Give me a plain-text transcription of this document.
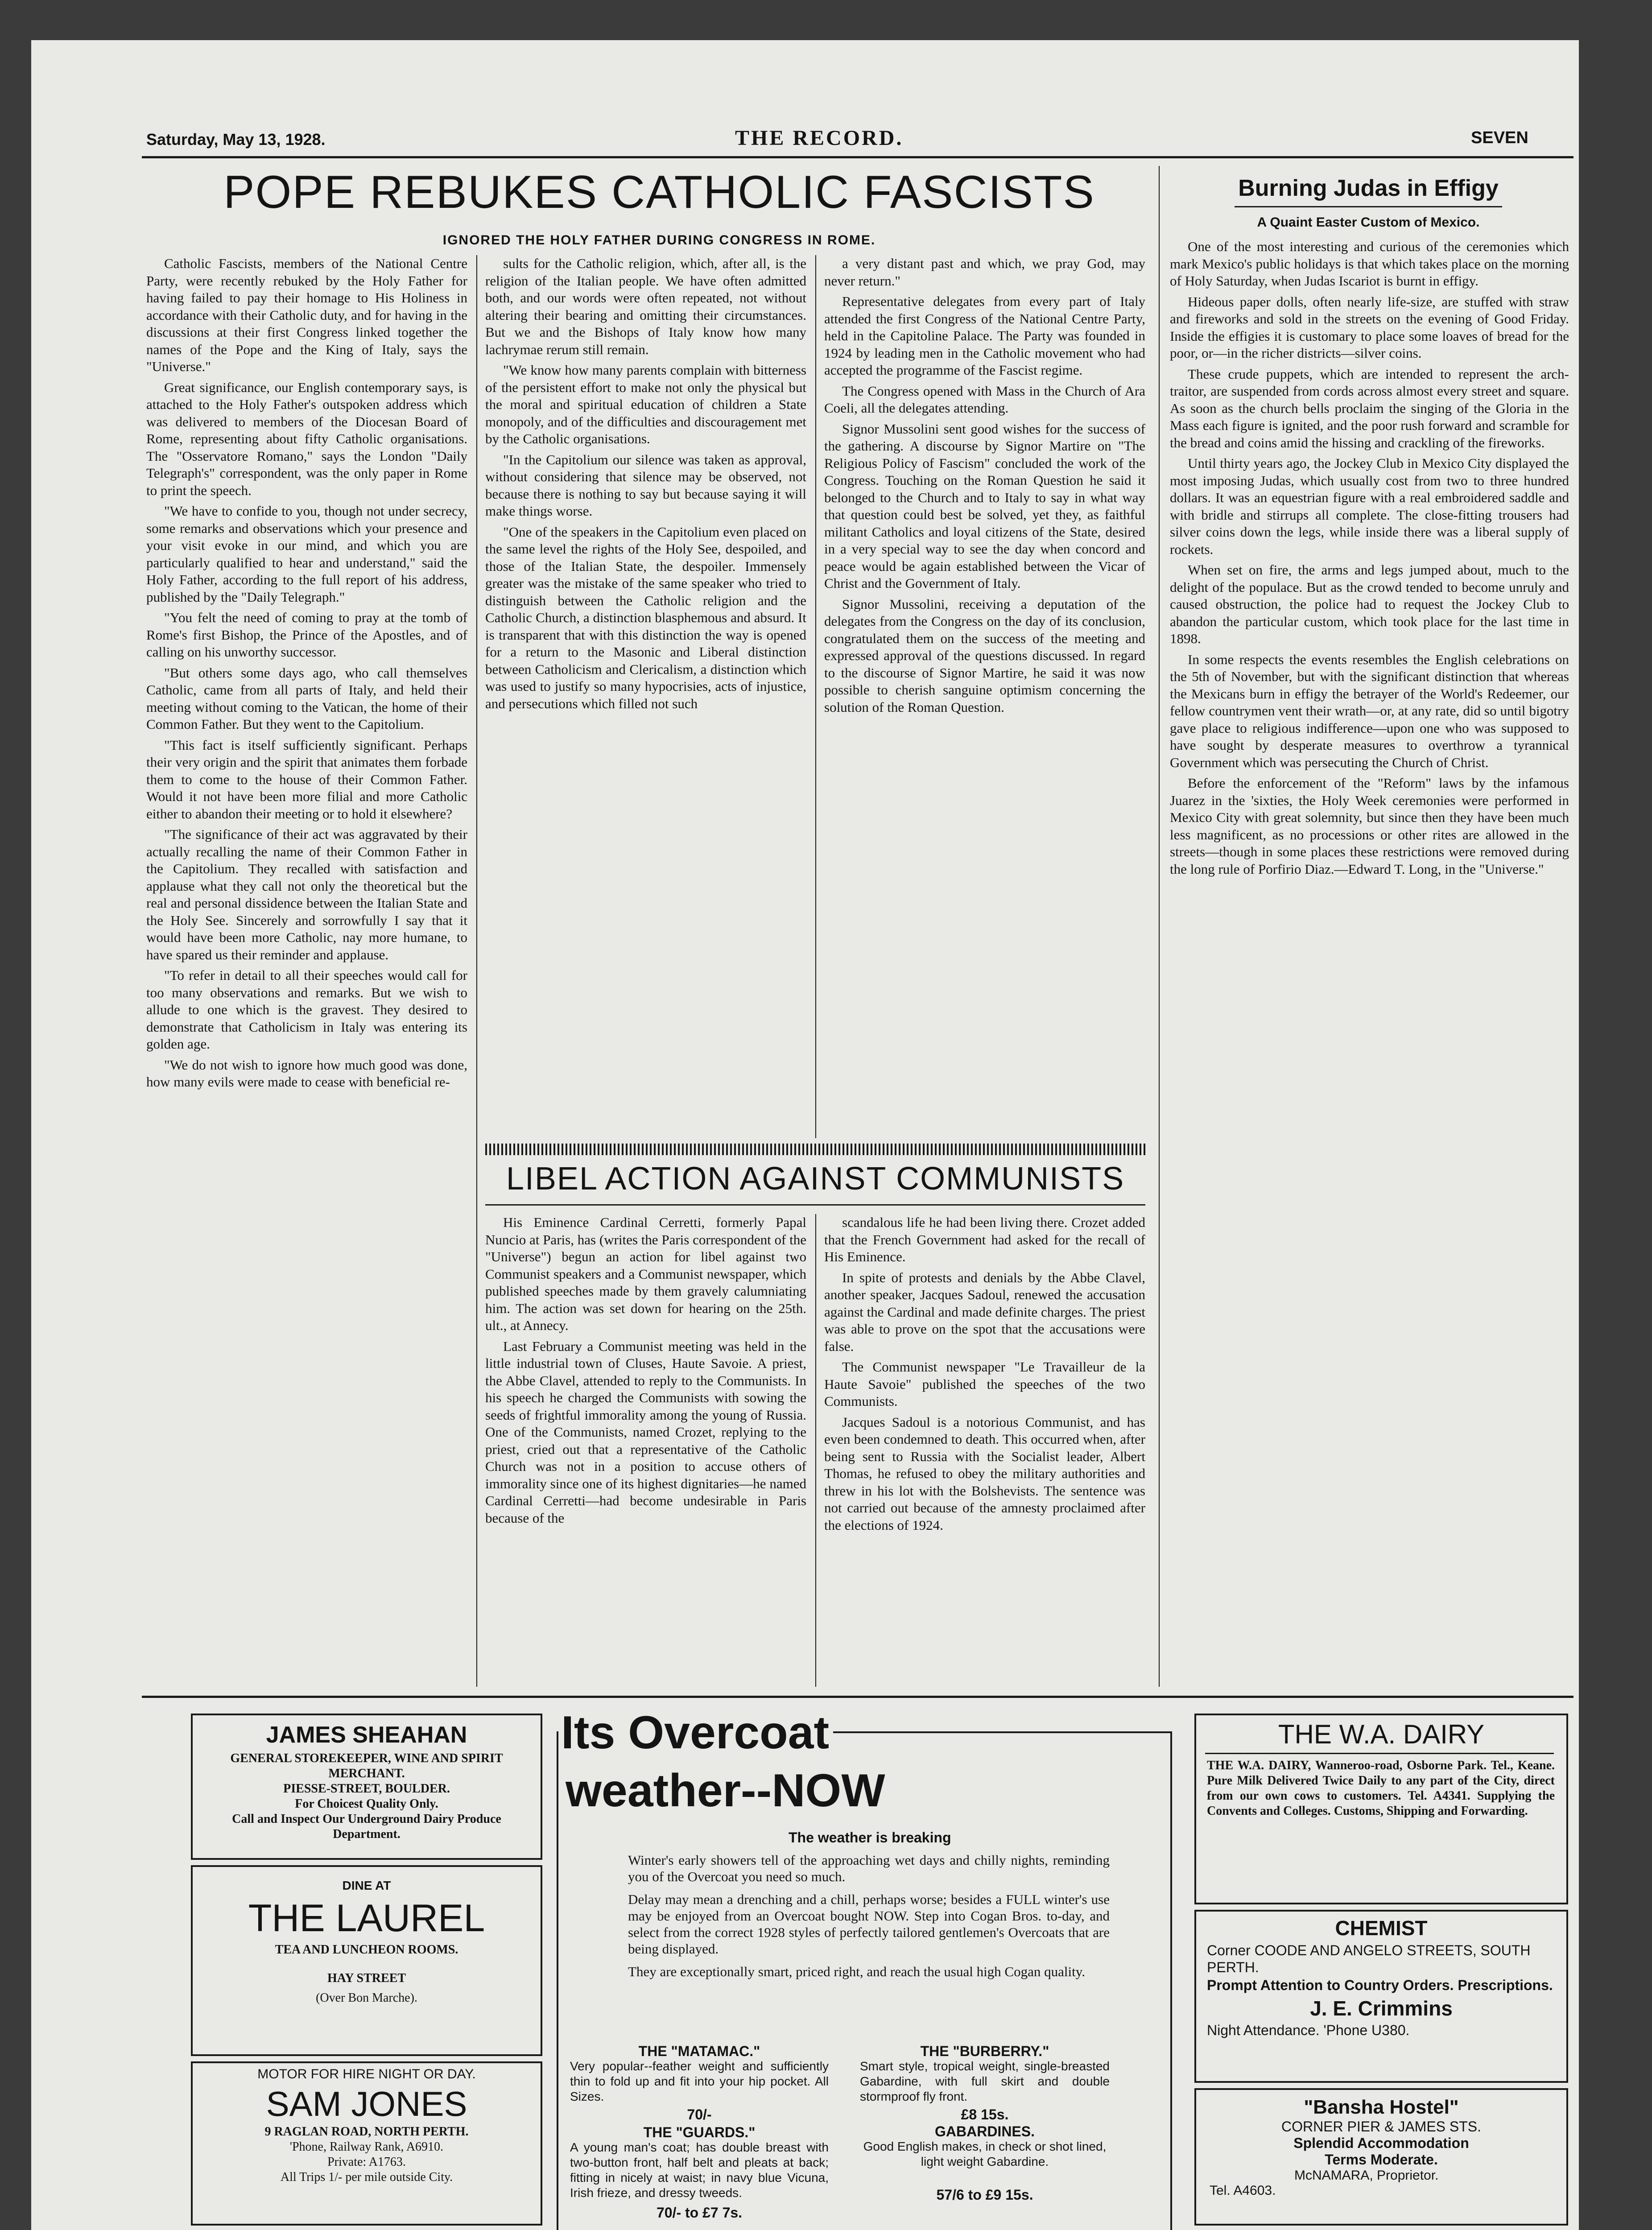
Saturday, May 13, 1928.	THE RECORD.	SEVEN
POPE REBUKES CATHOLIC FASCISTS
IGNORED THE HOLY FATHER DURING CONGRESS IN ROME.

Catholic Fascists, members of the National Centre Party, were recently rebuked by the Holy Father for having failed to pay their homage to His Holiness in accordance with their Catholic duty, and for having in the discussions at their first Congress linked together the names of the Pope and the King of Italy, says the "Universe."

Great significance, our English contemporary says, is attached to the Holy Father's outspoken address which was delivered to members of the Diocesan Board of Rome, representing about fifty Catholic organisations. The "Osservatore Romano," says the London "Daily Telegraph's" correspondent, was the only paper in Rome to print the speech.

"We have to confide to you, though not under secrecy, some remarks and observations which your presence and your visit evoke in our mind, and which you are particularly qualified to hear and understand," said the Holy Father, according to the full report of his address, published by the "Daily Telegraph."

"You felt the need of coming to pray at the tomb of Rome's first Bishop, the Prince of the Apostles, and of calling on his unworthy successor.

"But others some days ago, who call themselves Catholic, came from all parts of Italy, and held their meeting without coming to the Vatican, the home of their Common Father. But they went to the Capitolium.

"This fact is itself sufficiently significant. Perhaps their very origin and the spirit that animates them forbade them to come to the house of their Common Father. Would it not have been more filial and more Catholic either to abandon their meeting or to hold it elsewhere?

"The significance of their act was aggravated by their actually recalling the name of their Common Father in the Capitolium. They recalled with satisfaction and applause what they call not only the theoretical but the real and personal dissidence between the Italian State and the Holy See. Sincerely and sorrowfully I say that it would have been more Catholic, nay more humane, to have spared us their reminder and applause.

"To refer in detail to all their speeches would call for too many observations and remarks. But we wish to allude to one which is the gravest. They desired to demonstrate that Catholicism in Italy was entering its golden age.

"We do not wish to ignore how much good was done, how many evils were made to cease with beneficial re-

sults for the Catholic religion, which, after all, is the religion of the Italian people. We have often admitted both, and our words were often repeated, not without altering their bearing and omitting their circumstances. But we and the Bishops of Italy know how many lachrymae rerum still remain.

"We know how many parents complain with bitterness of the persistent effort to make not only the physical but the moral and spiritual education of children a State monopoly, and of the difficulties and discouragement met by the Catholic organisations.

"In the Capitolium our silence was taken as approval, without considering that silence may be observed, not because there is nothing to say but because saying it will make things worse.

"One of the speakers in the Capitolium even placed on the same level the rights of the Holy See, despoiled, and those of the Italian State, the despoiler. Immensely greater was the mistake of the same speaker who tried to distinguish between the Catholic religion and the Catholic Church, a distinction blasphemous and absurd. It is transparent that with this distinction the way is opened for a return to the Masonic and Liberal distinction between Catholicism and Clericalism, a distinction which was used to justify so many hypocrisies, acts of injustice, and persecutions which filled not such

a very distant past and which, we pray God, may never return."

Representative delegates from every part of Italy attended the first Congress of the National Centre Party, held in the Capitoline Palace. The Party was founded in 1924 by leading men in the Catholic movement who had accepted the programme of the Fascist regime.

The Congress opened with Mass in the Church of Ara Coeli, all the delegates attending.

Signor Mussolini sent good wishes for the success of the gathering. A discourse by Signor Martire on "The Religious Policy of Fascism" concluded the work of the Congress. Touching on the Roman Question he said it belonged to the Church and to Italy to say in what way that question could best be solved, yet they, as faithful militant Catholics and loyal citizens of the State, desired in a very special way to see the day when concord and peace would be again established between the Vicar of Christ and the Government of Italy.

Signor Mussolini, receiving a deputation of the delegates from the Congress on the day of its conclusion, congratulated them on the success of the meeting and expressed approval of the questions discussed. In regard to the discourse of Signor Martire, he said it was now possible to cherish sanguine optimism concerning the solution of the Roman Question.

Burning Judas in Effigy
A Quaint Easter Custom of Mexico.

One of the most interesting and curious of the ceremonies which mark Mexico's public holidays is that which takes place on the morning of Holy Saturday, when Judas Iscariot is burnt in effigy.

Hideous paper dolls, often nearly life-size, are stuffed with straw and fireworks and sold in the streets on the evening of Good Friday. Inside the effigies it is customary to place some loaves of bread for the poor, or—in the richer districts—silver coins.

These crude puppets, which are intended to represent the arch-traitor, are suspended from cords across almost every street and square. As soon as the church bells proclaim the singing of the Gloria in the Mass each figure is ignited, and the poor rush forward and scramble for the bread and coins amid the hissing and crackling of the fireworks.

Until thirty years ago, the Jockey Club in Mexico City displayed the most imposing Judas, which usually cost from two to three hundred dollars. It was an equestrian figure with a real embroidered saddle and with bridle and stirrups all complete. The close-fitting trousers had silver coins down the legs, while inside there was a liberal supply of rockets.

When set on fire, the arms and legs jumped about, much to the delight of the populace. But as the crowd tended to become unruly and caused obstruction, the police had to request the Jockey Club to abandon the particular custom, which took place for the last time in 1898.

In some respects the events resembles the English celebrations on the 5th of November, but with the significant distinction that whereas the Mexicans burn in effigy the betrayer of the World's Redeemer, our fellow countrymen vent their wrath—or, at any rate, did so until bigotry gave place to religious indifference—upon one who was supposed to have sought by desperate measures to overthrow a tyrannical Government which was persecuting the Church of Christ.

Before the enforcement of the "Reform" laws by the infamous Juarez in the 'sixties, the Holy Week ceremonies were performed in Mexico City with great solemnity, but since then they have been much less magnificent, as no processions or other rites are allowed in the streets—though in some places these restrictions were removed during the long rule of Porfirio Diaz.—Edward T. Long, in the "Universe."

LIBEL ACTION AGAINST COMMUNISTS

His Eminence Cardinal Cerretti, formerly Papal Nuncio at Paris, has (writes the Paris correspondent of the "Universe") begun an action for libel against two Communist speakers and a Communist newspaper, which published speeches made by them gravely calumniating him. The action was set down for hearing on the 25th. ult., at Annecy.

Last February a Communist meeting was held in the little industrial town of Cluses, Haute Savoie. A priest, the Abbe Clavel, attended to reply to the Communists. In his speech he charged the Communists with sowing the seeds of frightful immorality among the young of Russia. One of the Communists, named Crozet, replying to the priest, cried out that a representative of the Catholic Church was not in a position to accuse others of immorality since one of its highest dignitaries—he named Cardinal Cerretti—had become undesirable in Paris because of the

scandalous life he had been living there. Crozet added that the French Government had asked for the recall of His Eminence.

In spite of protests and denials by the Abbe Clavel, another speaker, Jacques Sadoul, renewed the accusation against the Cardinal and made definite charges. The priest was able to prove on the spot that the accusations were false.

The Communist newspaper "Le Travailleur de la Haute Savoie" published the speeches of the two Communists.

Jacques Sadoul is a notorious Communist, and has even been condemned to death. This occurred when, after being sent to Russia with the Socialist leader, Albert Thomas, he refused to obey the military authorities and threw in his lot with the Bolshevists. The sentence was not carried out because of the amnesty proclaimed after the elections of 1924.

JAMES SHEAHAN
GENERAL STOREKEEPER, WINE AND SPIRIT MERCHANT.
PIESSE-STREET, BOULDER.
For Choicest Quality Only.
Call and Inspect Our Underground Dairy Produce Department.
DINE AT
THE LAUREL
TEA AND LUNCHEON ROOMS.
HAY STREET
(Over Bon Marche).
MOTOR FOR HIRE NIGHT OR DAY.
SAM JONES
9 RAGLAN ROAD, NORTH PERTH.
'Phone, Railway Rank, A6910.
Private: A1763.
All Trips 1/- per mile outside City.
Its Overcoat
weather--NOW
The weather is breaking

Winter's early showers tell of the approaching wet days and chilly nights, reminding you of the Overcoat you need so much.

Delay may mean a drenching and a chill, perhaps worse; besides a FULL winter's use may be enjoyed from an Overcoat bought NOW. Step into Cogan Bros. to-day, and select from the correct 1928 styles of perfectly tailored gentlemen's Overcoats that are being displayed.

They are exceptionally smart, priced right, and reach the usual high Cogan quality.

THE "MATAMAC."
Very popular--feather weight and sufficiently thin to fold up and fit into your hip pocket. All Sizes.
70/-
THE "GUARDS."
A young man's coat; has double breast with two-button front, half belt and pleats at back; fitting in nicely at waist; in navy blue Vicuna, Irish frieze, and dressy tweeds.
70/- to £7 7s.
THE "BURBERRY."
Smart style, tropical weight, single-breasted Gabardine, with full skirt and double stormproof fly front.
£8 15s.
GABARDINES.
Good English makes, in check or shot lined, light weight Gabardine.
57/6 to £9 15s.
THE W.A. DAIRY
THE W.A. DAIRY, Wanneroo-road, Osborne Park. Tel., Keane. Pure Milk Delivered Twice Daily to any part of the City, direct from our own cows to customers. Tel. A4341. Supplying the Convents and Colleges. Customs, Shipping and Forwarding.
CHEMIST
Corner COODE AND ANGELO STREETS, SOUTH PERTH.
Prompt Attention to Country Orders. Prescriptions.
J. E. Crimmins
Night Attendance. 'Phone U380.
"Bansha Hostel"
CORNER PIER & JAMES STS.
Splendid Accommodation
Terms Moderate.
McNAMARA, Proprietor.
Tel. A4603.
